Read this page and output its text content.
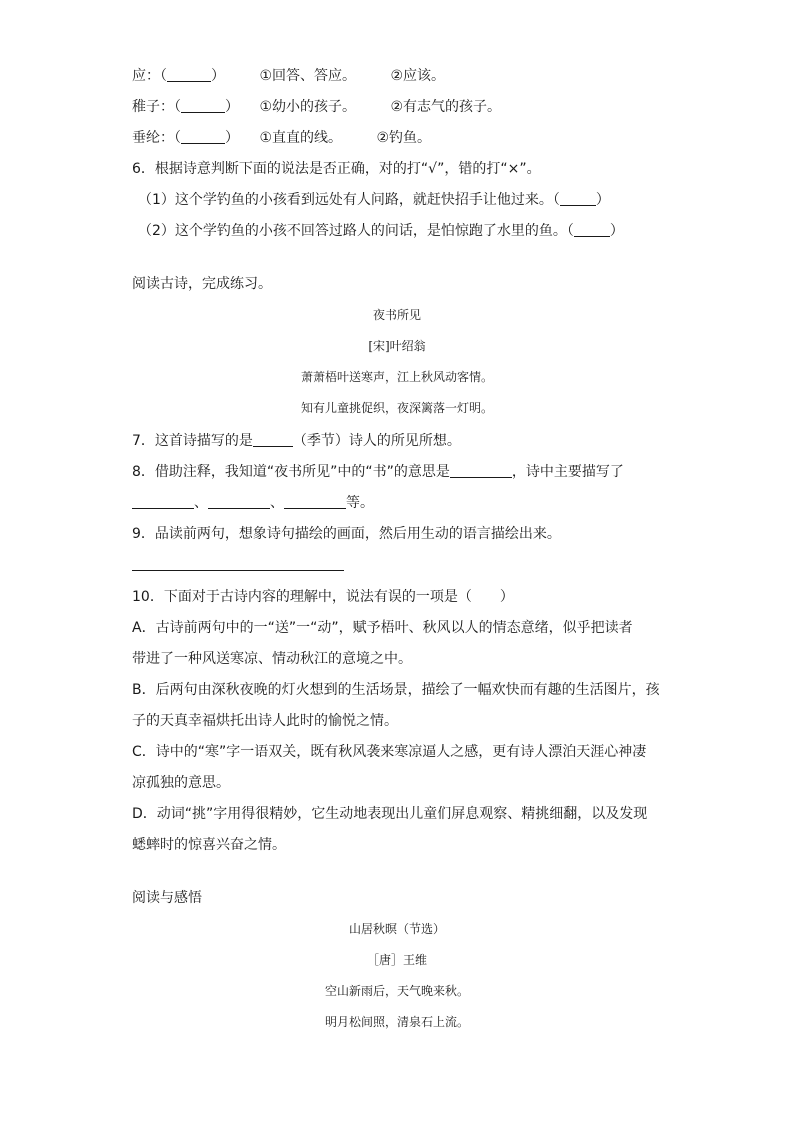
应：（	） ①回答、答应。 ②应该。
稚子：（	） ①幼小的孩子。 ②有志气的孩子。
垂纶：（	） ①直直的线。 ②钓鱼。
6．根据诗意判断下面的说法是否正确，对的打“√”，错的打“×”。
（1）这个学钓鱼的小孩看到远处有人问路，就赶快招手让他过来。（	）
（2）这个学钓鱼的小孩不回答过路人的问话，是怕惊跑了水里的鱼。（	）
阅读古诗，完成练习。
夜书所见
[宋]叶绍翁
萧萧梧叶送寒声，江上秋风动客情。
知有儿童挑促织，夜深篱落一灯明。
7．这首诗描写的是	（季节）诗人的所见所想。
8．借助注释，我知道“夜书所见”中的“书”的意思是	，诗中主要描写了
、	、	等。
9．品读前两句，想象诗句描绘的画面，然后用生动的语言描绘出来。
10．下面对于古诗内容的理解中，说法有误的一项是（　　）
A．古诗前两句中的一“送”一“动”，赋予梧叶、秋风以人的情态意绪，似乎把读者
带进了一种风送寒凉、情动秋江的意境之中。
B．后两句由深秋夜晚的灯火想到的生活场景，描绘了一幅欢快而有趣的生活图片，孩
子的天真幸福烘托出诗人此时的愉悦之情。
C．诗中的“寒”字一语双关，既有秋风袭来寒凉逼人之感，更有诗人漂泊天涯心神凄
凉孤独的意思。
D．动词“挑”字用得很精妙，它生动地表现出儿童们屏息观察、精挑细翻，以及发现
蟋蟀时的惊喜兴奋之情。
阅读与感悟
山居秋暝（节选）
［唐］王维
空山新雨后，天气晚来秋。
明月松间照，清泉石上流。
